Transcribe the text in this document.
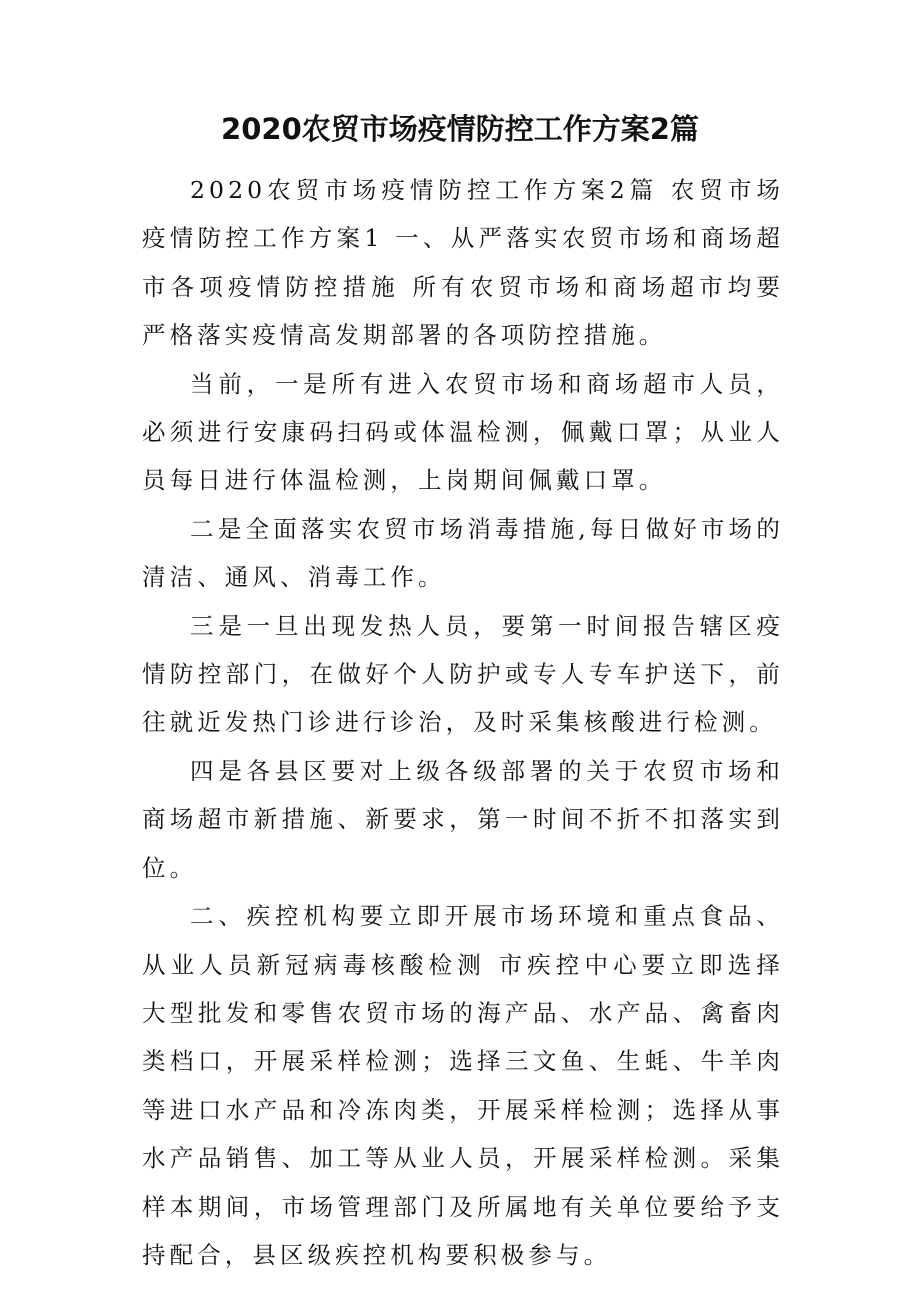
2020农贸市场疫情防控工作方案2篇

2020农贸市场疫情防控工作方案2篇 农贸市场疫情防控工作方案1 一、从严落实农贸市场和商场超市各项疫情防控措施 所有农贸市场和商场超市均要严格落实疫情高发期部署的各项防控措施。

当前，一是所有进入农贸市场和商场超市人员，必须进行安康码扫码或体温检测，佩戴口罩；从业人员每日进行体温检测，上岗期间佩戴口罩。

二是全面落实农贸市场消毒措施,每日做好市场的清洁、通风、消毒工作。

三是一旦出现发热人员，要第一时间报告辖区疫情防控部门，在做好个人防护或专人专车护送下，前往就近发热门诊进行诊治，及时采集核酸进行检测。

四是各县区要对上级各级部署的关于农贸市场和商场超市新措施、新要求，第一时间不折不扣落实到位。

二、疾控机构要立即开展市场环境和重点食品、从业人员新冠病毒核酸检测 市疾控中心要立即选择大型批发和零售农贸市场的海产品、水产品、禽畜肉类档口，开展采样检测；选择三文鱼、生蚝、牛羊肉等进口水产品和冷冻肉类，开展采样检测；选择从事水产品销售、加工等从业人员，开展采样检测。采集样本期间，市场管理部门及所属地有关单位要给予支持配合，县区级疾控机构要积极参与。
